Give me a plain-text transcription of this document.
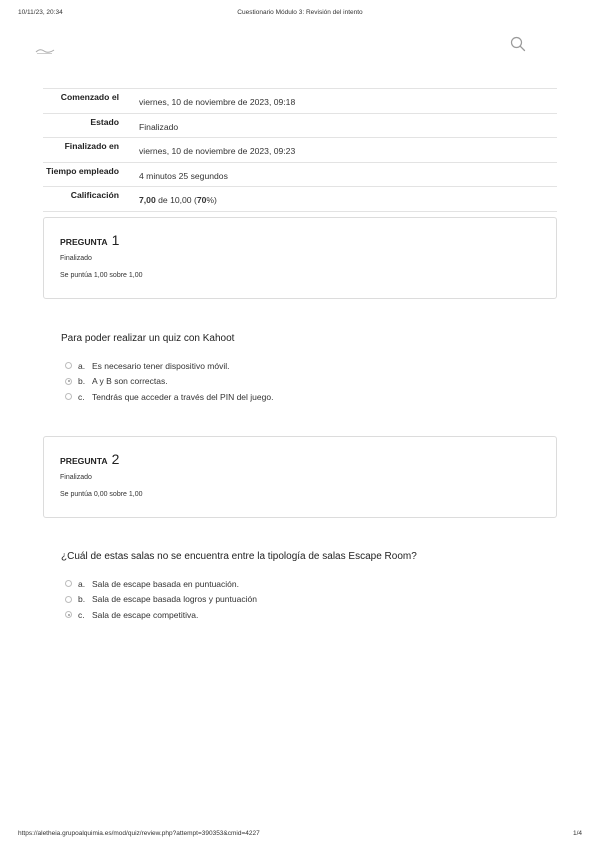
10/11/23, 20:34	Cuestionario Módulo 3: Revisión del intento
Comenzado el	viernes, 10 de noviembre de 2023, 09:18
Estado	Finalizado
Finalizado en	viernes, 10 de noviembre de 2023, 09:23
Tiempo empleado	4 minutos 25 segundos
Calificación	7,00 de 10,00 (70%)
PREGUNTA 1
Finalizado
Se puntúa 1,00 sobre 1,00
Para poder realizar un quiz con Kahoot
a. Es necesario tener dispositivo móvil.
b. A y B son correctas.
c. Tendrás que acceder a través del PIN del juego.
PREGUNTA 2
Finalizado
Se puntúa 0,00 sobre 1,00
¿Cuál de estas salas no se encuentra entre la tipología de salas Escape Room?
a. Sala de escape basada en puntuación.
b. Sala de escape basada logros y puntuación
c. Sala de escape competitiva.
https://aletheia.grupoalquimia.es/mod/quiz/review.php?attempt=390353&cmid=4227	1/4
